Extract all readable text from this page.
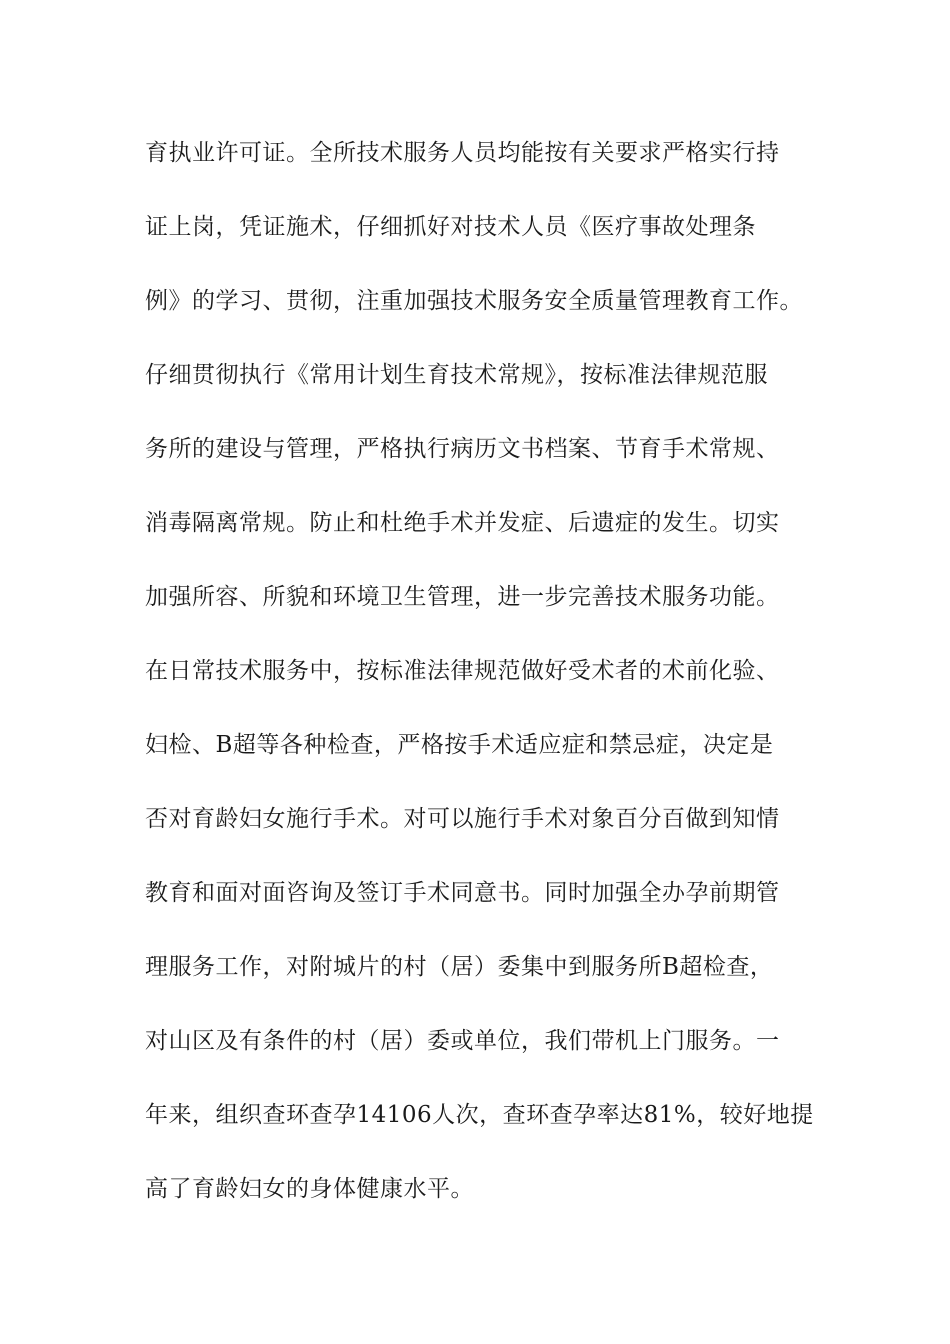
育执业许可证。全所技术服务人员均能按有关要求严格实行持
证上岗，凭证施术，仔细抓好对技术人员《医疗事故处理条
例》的学习、贯彻，注重加强技术服务安全质量管理教育工作。
仔细贯彻执行《常用计划生育技术常规》，按标准法律规范服
务所的建设与管理，严格执行病历文书档案、节育手术常规、
消毒隔离常规。防止和杜绝手术并发症、后遗症的发生。切实
加强所容、所貌和环境卫生管理，进一步完善技术服务功能。
在日常技术服务中，按标准法律规范做好受术者的术前化验、
妇检、B超等各种检查，严格按手术适应症和禁忌症，决定是
否对育龄妇女施行手术。对可以施行手术对象百分百做到知情
教育和面对面咨询及签订手术同意书。同时加强全办孕前期管
理服务工作，对附城片的村（居）委集中到服务所B超检查，
对山区及有条件的村（居）委或单位，我们带机上门服务。一
年来，组织查环查孕14106人次，查环查孕率达81%，较好地提
高了育龄妇女的身体健康水平。
